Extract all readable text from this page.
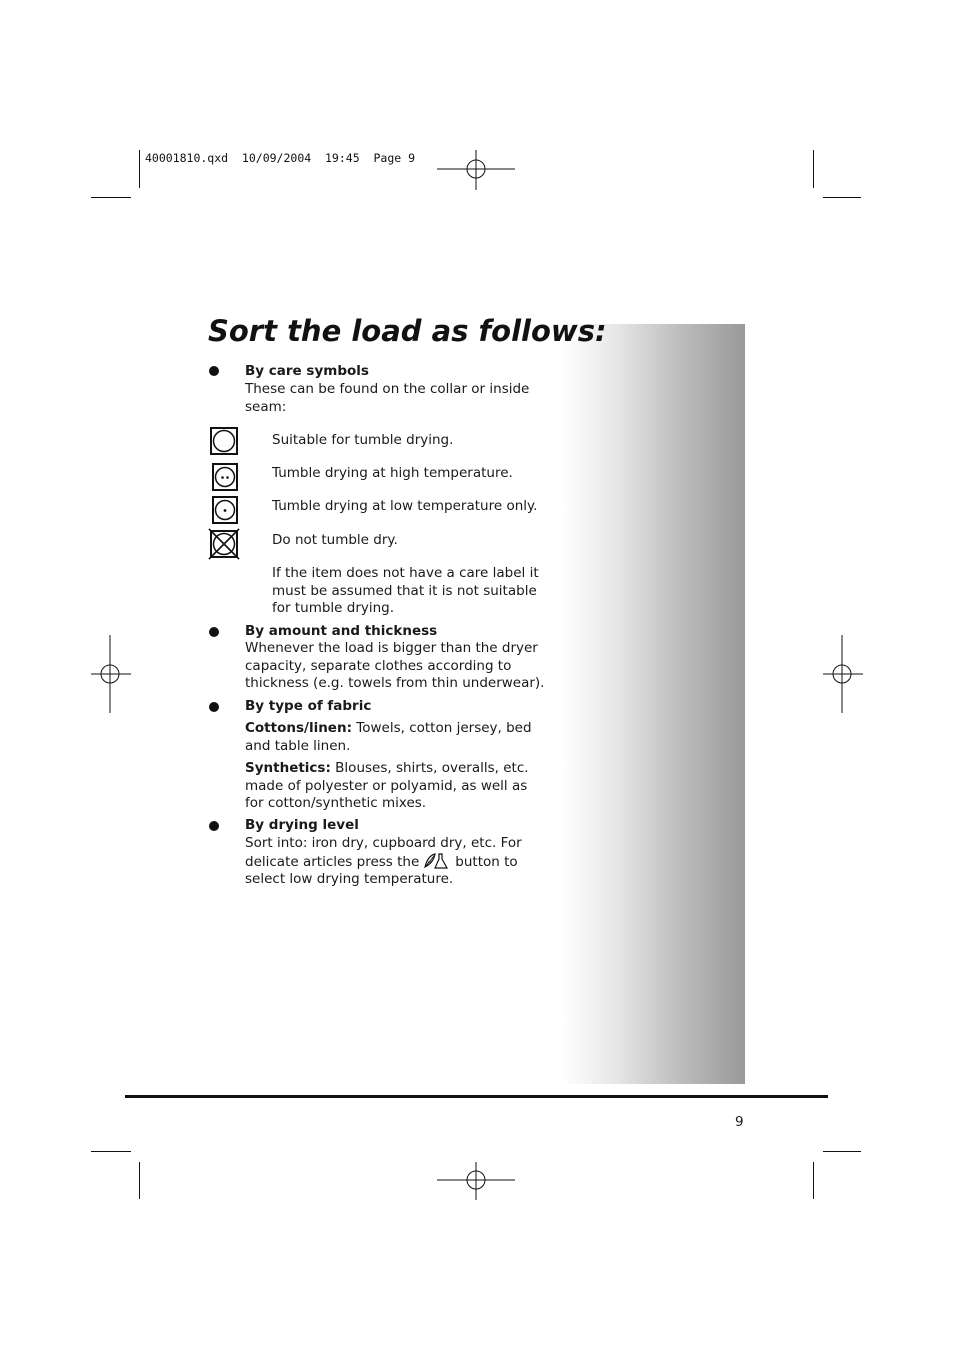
40001810.qxd  10/09/2004  19:45  Page 9
Sort the load as follows:
By care symbols
These can be found on the collar or inside seam:
Suitable for tumble drying.
Tumble drying at high temperature.
Tumble drying at low temperature only.
Do not tumble dry.
If the item does not have a care label it must be assumed that it is not suitable for tumble drying.
By amount and thickness
Whenever the load is bigger than the dryer capacity, separate clothes according to thickness (e.g. towels from thin underwear).
By type of fabric
Cottons/linen: Towels, cotton jersey, bed and table linen.
Synthetics: Blouses, shirts, overalls, etc. made of polyester or polyamid, as well as for cotton/synthetic mixes.
By drying level
Sort into: iron dry, cupboard dry, etc. For delicate articles press the	button to select low drying temperature.
9
